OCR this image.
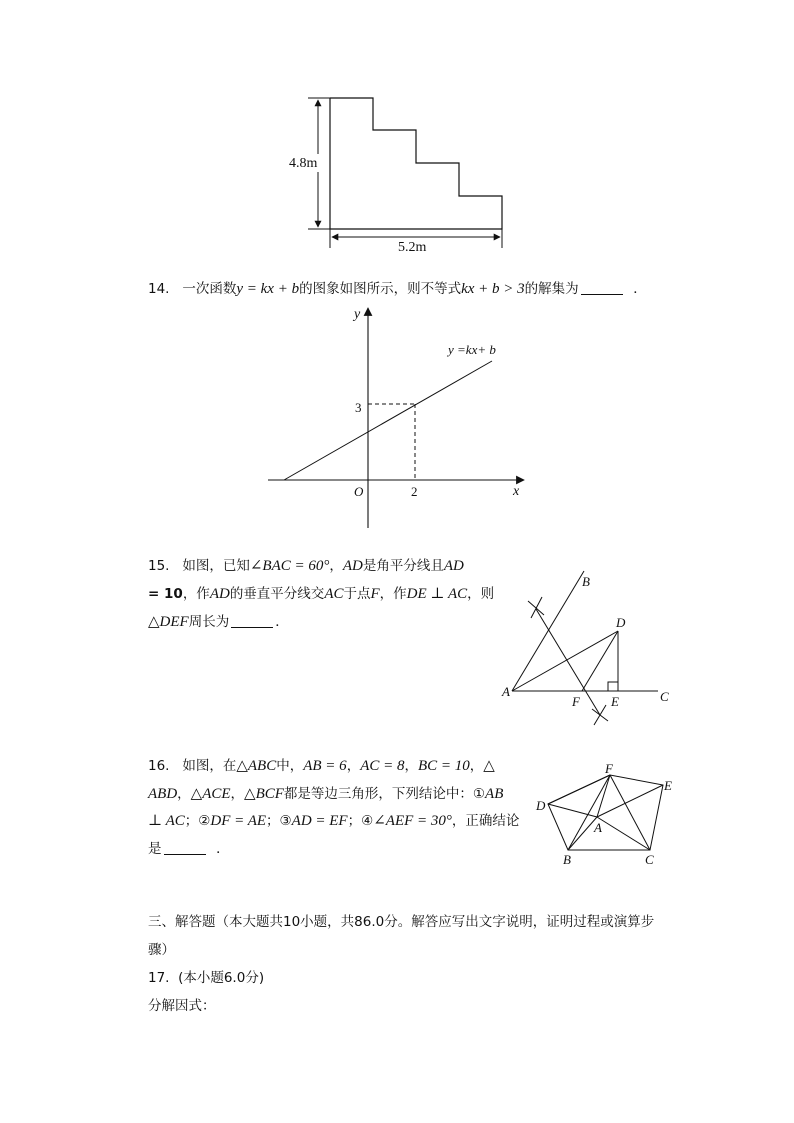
4.8m
5.2m
14. 一次函数y = kx + b的图象如图所示，则不等式kx + b > 3的解集为	．
y
x
O	2
3
y =kx+ b
15. 如图，已知∠BAC = 60°，AD是角平分线且AD
= 10，作AD的垂直平分线交AC于点F，作DE ⊥ AC，则
△DEF周长为	．
A
B
C
D
E
F
16. 如图，在△ABC中，AB = 6，AC = 8，BC = 10，△
ABD，△ACE，△BCF都是等边三角形，下列结论中：①AB
⊥ AC；②DF = AE；③AD = EF；④∠AEF = 30°，正确结论
是	．
A
B	C
D
E
F
三、解答题（本大题共10小题，共86.0分。解答应写出文字说明，证明过程或演算步
骤）
17. (本小题6.0分)
分解因式：
